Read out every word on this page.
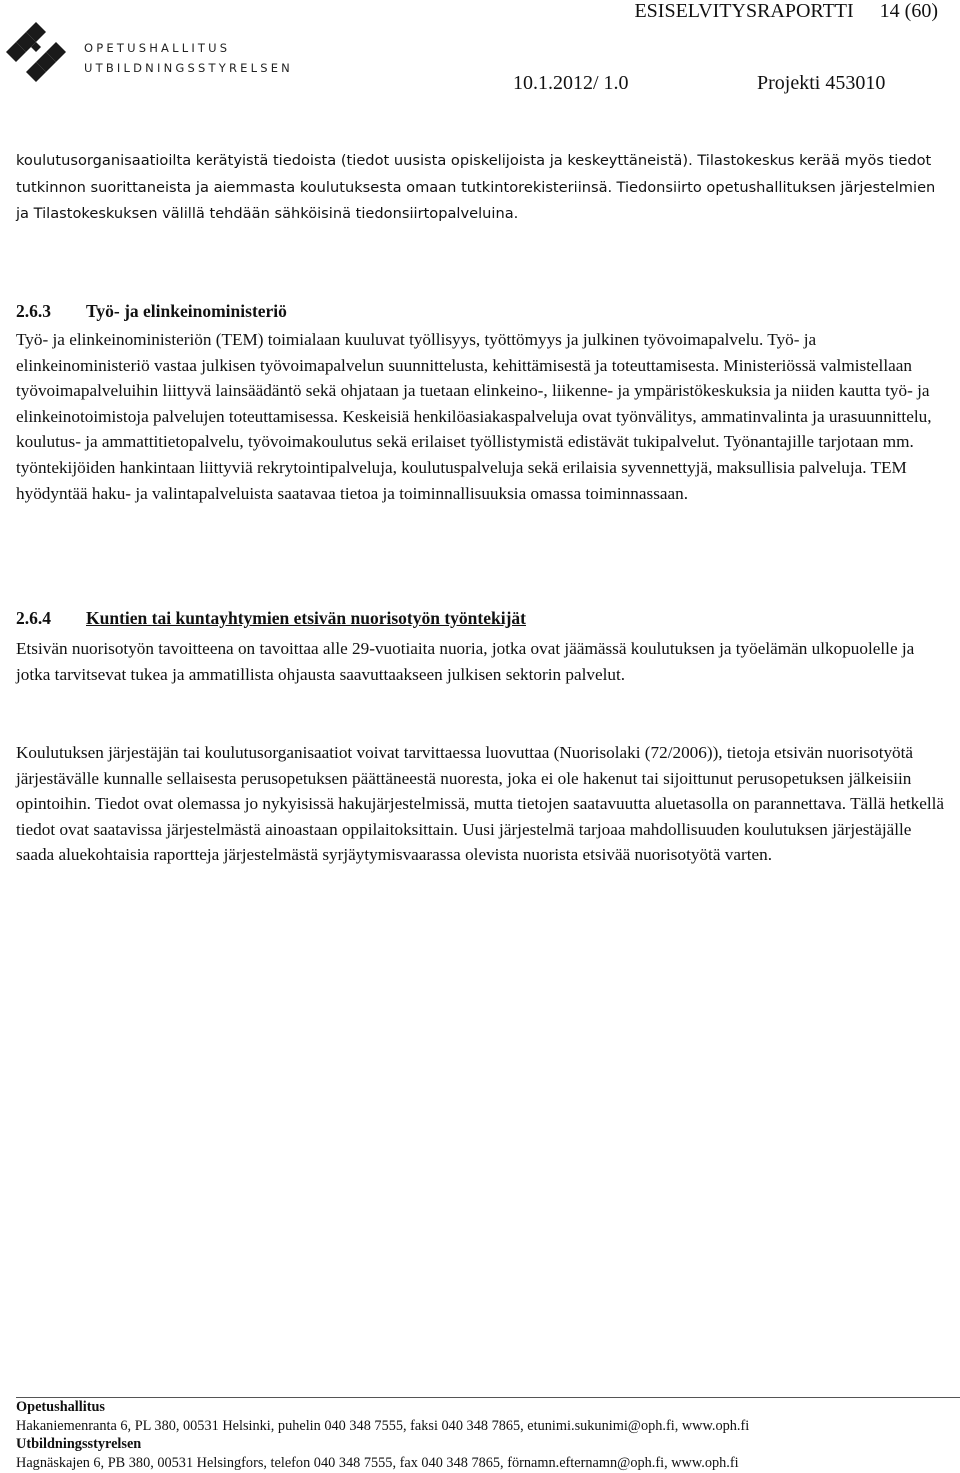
OPETUSHALLITUS
UTBILDNINGSSTYRELSEN
ESISELVITYSRAPORTTI 14 (60)
10.1.2012/ 1.0	Projekti 453010
koulutusorganisaatioilta kerätyistä tiedoista (tiedot uusista opiskelijoista ja keskeyttäneistä). Tilastokeskus kerää myös tiedot tutkinnon suorittaneista ja aiemmasta koulutuksesta omaan tutkintorekisteriinsä. Tiedonsiirto opetushallituksen järjestelmien ja Tilastokeskuksen välillä tehdään sähköisinä tiedonsiirtopalveluina.
2.6.3 Työ- ja elinkeinoministeriö
Työ- ja elinkeinoministeriön (TEM) toimialaan kuuluvat työllisyys, työttömyys ja julkinen työvoimapalvelu. Työ- ja elinkeinoministeriö vastaa julkisen työvoimapalvelun suunnittelusta, kehittämisestä ja toteuttamisesta. Ministeriössä valmistellaan työvoimapalveluihin liittyvä lainsäädäntö sekä ohjataan ja tuetaan elinkeino-, liikenne- ja ympäristökeskuksia ja niiden kautta työ- ja elinkeinotoimistoja palvelujen toteuttamisessa. Keskeisiä henkilöasiakaspalveluja ovat työnvälitys, ammatinvalinta ja urasuunnittelu, koulutus- ja ammattitietopalvelu, työvoimakoulutus sekä erilaiset työllistymistä edistävät tukipalvelut. Työnantajille tarjotaan mm. työntekijöiden hankintaan liittyviä rekrytointipalveluja, koulutuspalveluja sekä erilaisia syvennettyjä, maksullisia palveluja. TEM hyödyntää haku- ja valintapalveluista saatavaa tietoa ja toiminnallisuuksia omassa toiminnassaan.
2.6.4 Kuntien tai kuntayhtymien etsivän nuorisotyön työntekijät
Etsivän nuorisotyön tavoitteena on tavoittaa alle 29-vuotiaita nuoria, jotka ovat jäämässä koulutuksen ja työelämän ulkopuolelle ja jotka tarvitsevat tukea ja ammatillista ohjausta saavuttaakseen julkisen sektorin palvelut.
Koulutuksen järjestäjän tai koulutusorganisaatiot voivat tarvittaessa luovuttaa (Nuorisolaki (72/2006)), tietoja etsivän nuorisotyötä järjestävälle kunnalle sellaisesta perusopetuksen päättäneestä nuoresta, joka ei ole hakenut tai sijoittunut perusopetuksen jälkeisiin opintoihin. Tiedot ovat olemassa jo nykyisissä hakujärjestelmissä, mutta tietojen saatavuutta aluetasolla on parannettava. Tällä hetkellä tiedot ovat saatavissa järjestelmästä ainoastaan oppilaitoksittain. Uusi järjestelmä tarjoaa mahdollisuuden koulutuksen järjestäjälle saada aluekohtaisia raportteja järjestelmästä syrjäytymisvaarassa olevista nuorista etsivää nuorisotyötä varten.
Opetushallitus
Hakaniemenranta 6, PL 380, 00531 Helsinki, puhelin 040 348 7555, faksi 040 348 7865, etunimi.sukunimi@oph.fi, www.oph.fi
Utbildningsstyrelsen
Hagnäskajen 6, PB 380, 00531 Helsingfors, telefon 040 348 7555, fax 040 348 7865, förnamn.efternamn@oph.fi, www.oph.fi
